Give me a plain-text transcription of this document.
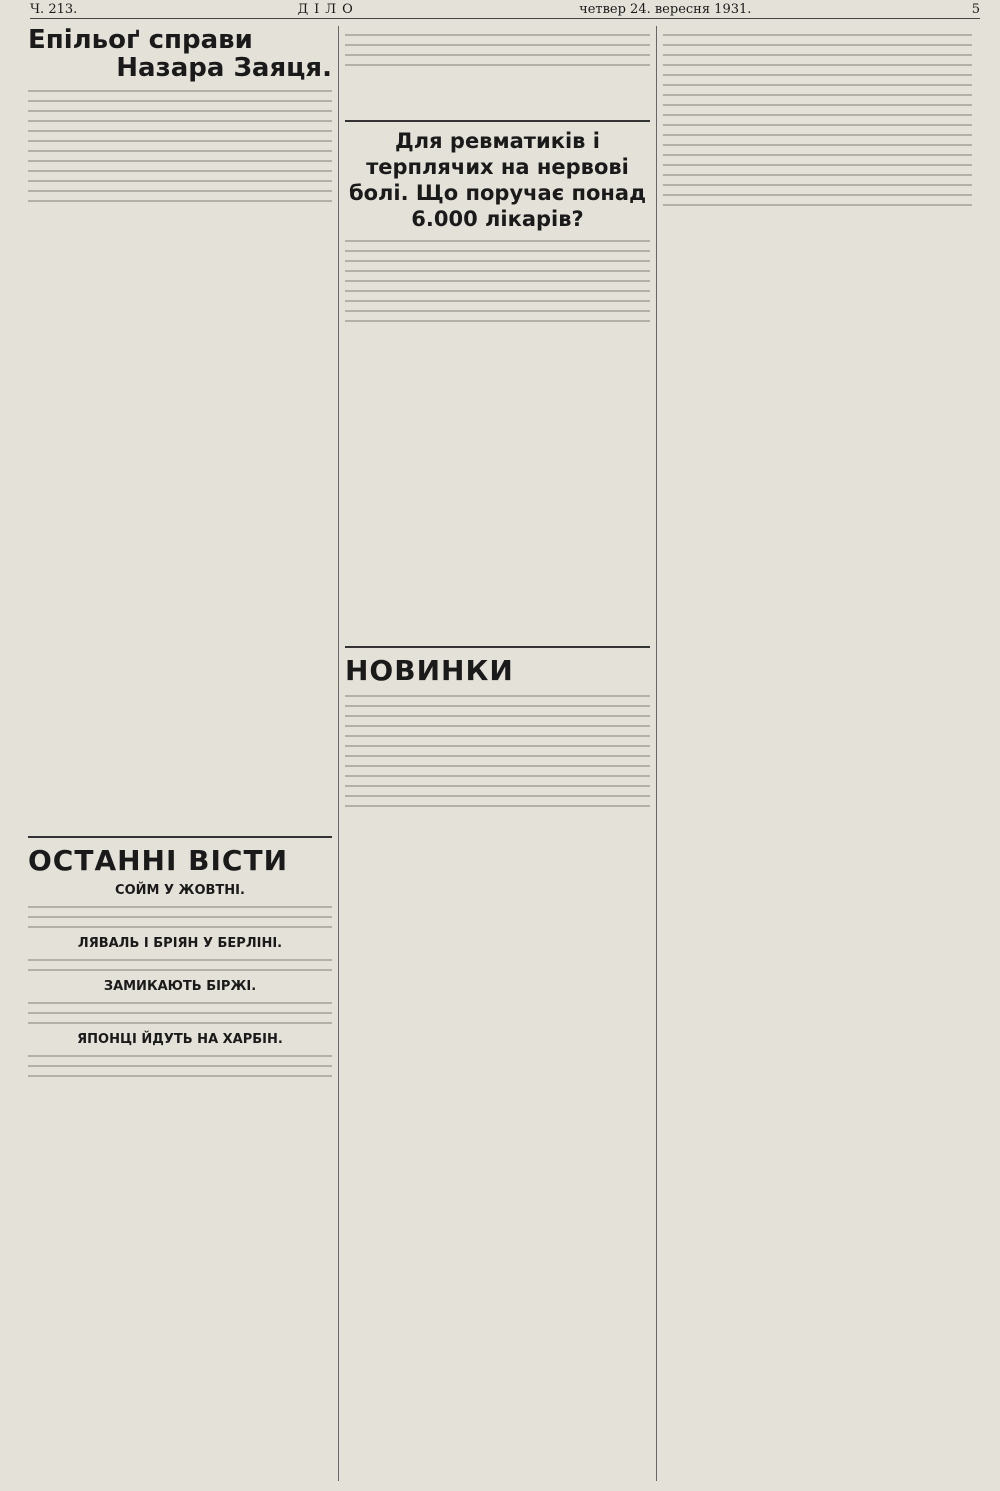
Ч. 213.	ДІЛО	четвер 24. вересня 1931.	5
Епільоґ справи
Назара Заяця.
ОСТАННІ ВІСТИ
СОЙМ У ЖОВТНІ.
ЛЯВАЛЬ І БРІЯН У БЕРЛІНІ.
ЗАМИКАЮТЬ БІРЖІ.
ЯПОНЦІ ЙДУТЬ НА ХАРБІН.
Для ревматиків і терплячих на нервові болі. Що поручає понад 6.000 лікарів?
НОВИНКИ
